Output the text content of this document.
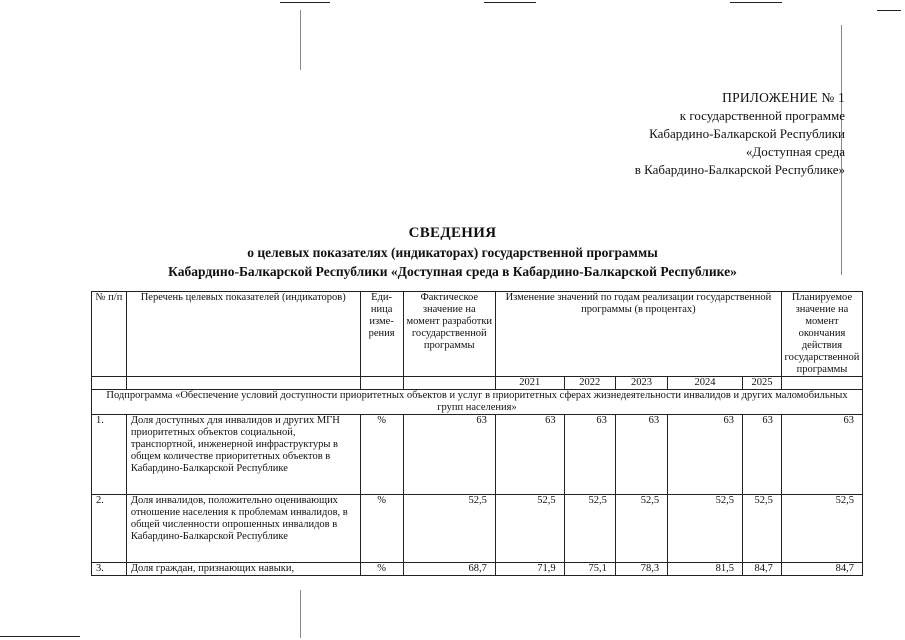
ПРИЛОЖЕНИЕ № 1
к государственной программе
Кабардино-Балкарской Республики
«Доступная среда
в Кабардино-Балкарской Республике»
СВЕДЕНИЯ
о целевых показателях (индикаторах) государственной программы
Кабардино-Балкарской Республики «Доступная среда в Кабардино-Балкарской Республике»
№ п/п	Перечень целевых показателей (индикаторов)	Еди-ница изме-рения	Фактическое значение на момент разработки государственной программы	Изменение значений по годам реализации государственной программы (в процентах)					Планируемое значение на момент окончания действия государственной программы
				2021	2022	2023	2024	2025	
Подпрограмма «Обеспечение условий доступности приоритетных объектов и услуг в приоритетных сферах жизнедеятельности инвалидов и других маломобильных групп населения»									
1.	Доля доступных для инвалидов и других МГН приоритетных объектов социальной, транспортной, инженерной инфраструктуры в общем количестве приоритетных объектов в Кабардино-Балкарской Республике	%	63	63	63	63	63	63	63
2.	Доля инвалидов, положительно оценивающих отношение населения к проблемам инвалидов, в общей численности опрошенных инвалидов в Кабардино-Балкарской Республике	%	52,5	52,5	52,5	52,5	52,5	52,5	52,5
3.	Доля граждан, признающих навыки,	%	68,7	71,9	75,1	78,3	81,5	84,7	84,7
